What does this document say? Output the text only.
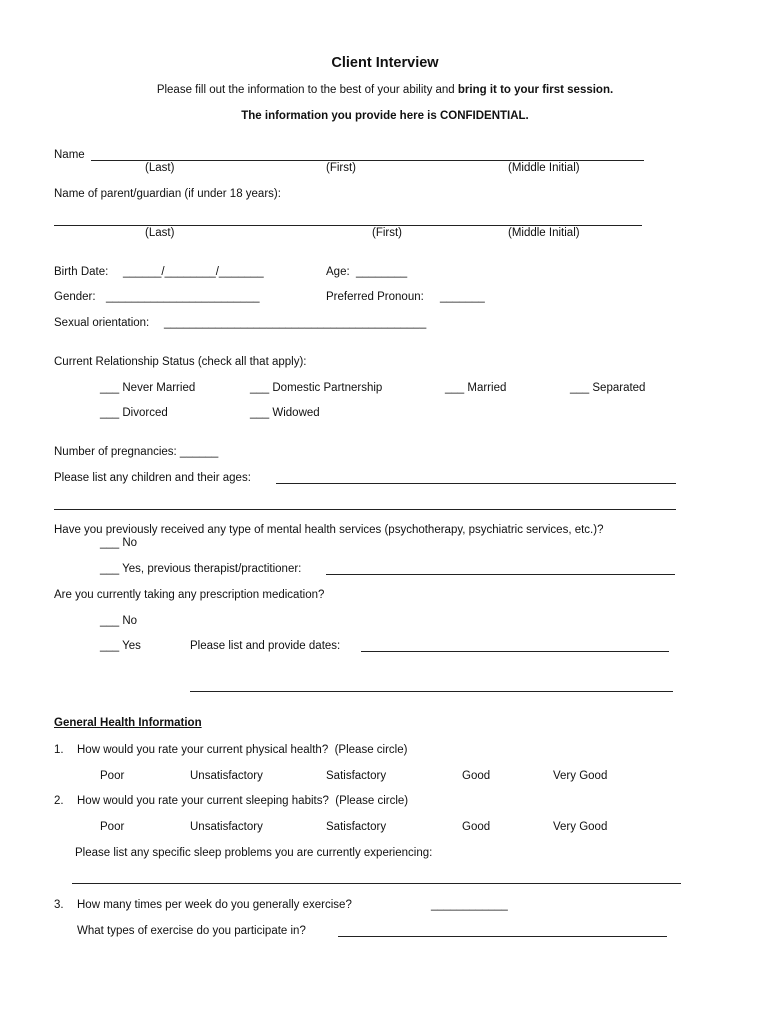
Client Interview
Please fill out the information to the best of your ability and bring it to your first session.
The information you provide here is CONFIDENTIAL.
Name
(Last)	(First)	(Middle Initial)
Name of parent/guardian (if under 18 years):
(Last)	(First)	(Middle Initial)
Birth Date: ______/________/_______	Age: ________
Gender: ________________________	Preferred Pronoun: _______
Sexual orientation: _________________________________________
Current Relationship Status (check all that apply):
___ Never Married	___ Domestic Partnership	___ Married	___ Separated
___ Divorced	___ Widowed
Number of pregnancies: ______
Please list any children and their ages:
Have you previously received any type of mental health services (psychotherapy, psychiatric services, etc.)?
___ No
___ Yes, previous therapist/practitioner:
Are you currently taking any prescription medication?
___ No
___ Yes	Please list and provide dates:
General Health Information
1. How would you rate your current physical health?  (Please circle)
Poor	Unsatisfactory	Satisfactory	Good	Very Good
2. How would you rate your current sleeping habits?  (Please circle)
Poor	Unsatisfactory	Satisfactory	Good	Very Good
Please list any specific sleep problems you are currently experiencing:
3. How many times per week do you generally exercise?	____________
What types of exercise do you participate in?
